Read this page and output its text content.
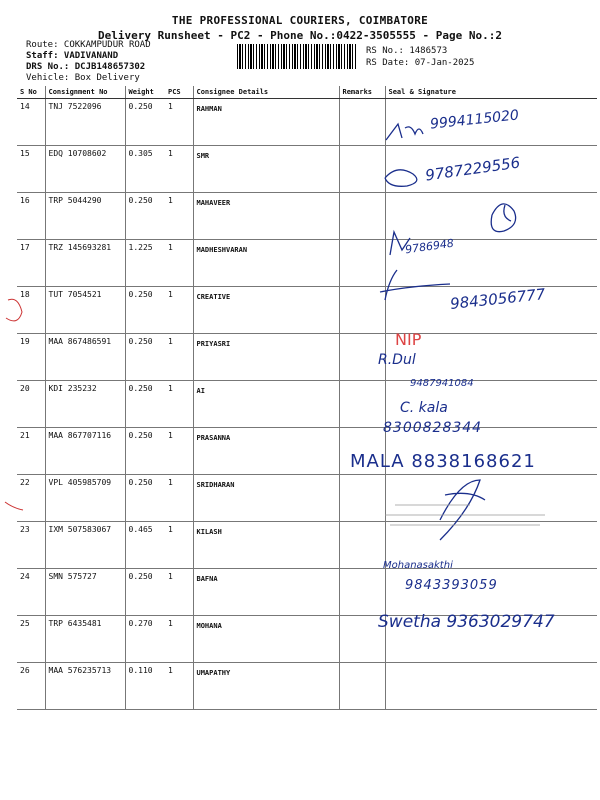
THE PROFESSIONAL COURIERS, COIMBATORE
Delivery Runsheet - PC2 - Phone No.:0422-3505555 - Page No.:2
Route: COKKAMPUDUR ROAD
Staff: VADIVANAND
DRS No.: DCJB148657302
Vehicle: Box Delivery
RS No.: 1486573
RS Date: 07-Jan-2025
S No	Consignment No	Weight	PCS	Consignee Details	Remarks	Seal & Signature
14	TNJ 7522096	0.250	1	RAHMAN		
15	EDQ 10708602	0.305	1	SMR		
16	TRP 5044290	0.250	1	MAHAVEER		
17	TRZ 145693281	1.225	1	MADHESHVARAN		
18	TUT 7054521	0.250	1	CREATIVE		
19	MAA 867486591	0.250	1	PRIYASRI		
20	KDI 235232	0.250	1	AI		
21	MAA 867707116	0.250	1	PRASANNA		
22	VPL 405985709	0.250	1	SRIDHARAN		
23	IXM 507583067	0.465	1	KILASH		
24	SMN 575727	0.250	1	BAFNA		
25	TRP 6435481	0.270	1	MOHANA		
26	MAA 576235713	0.110	1	UMAPATHY		
9994115020
9787229556
9786948
9843056777
NIP
R.Dul
9487941084
C. kala
8300828344
MALA 8838168621
Mohanasakthi
9843393059
Swetha 9363029747
